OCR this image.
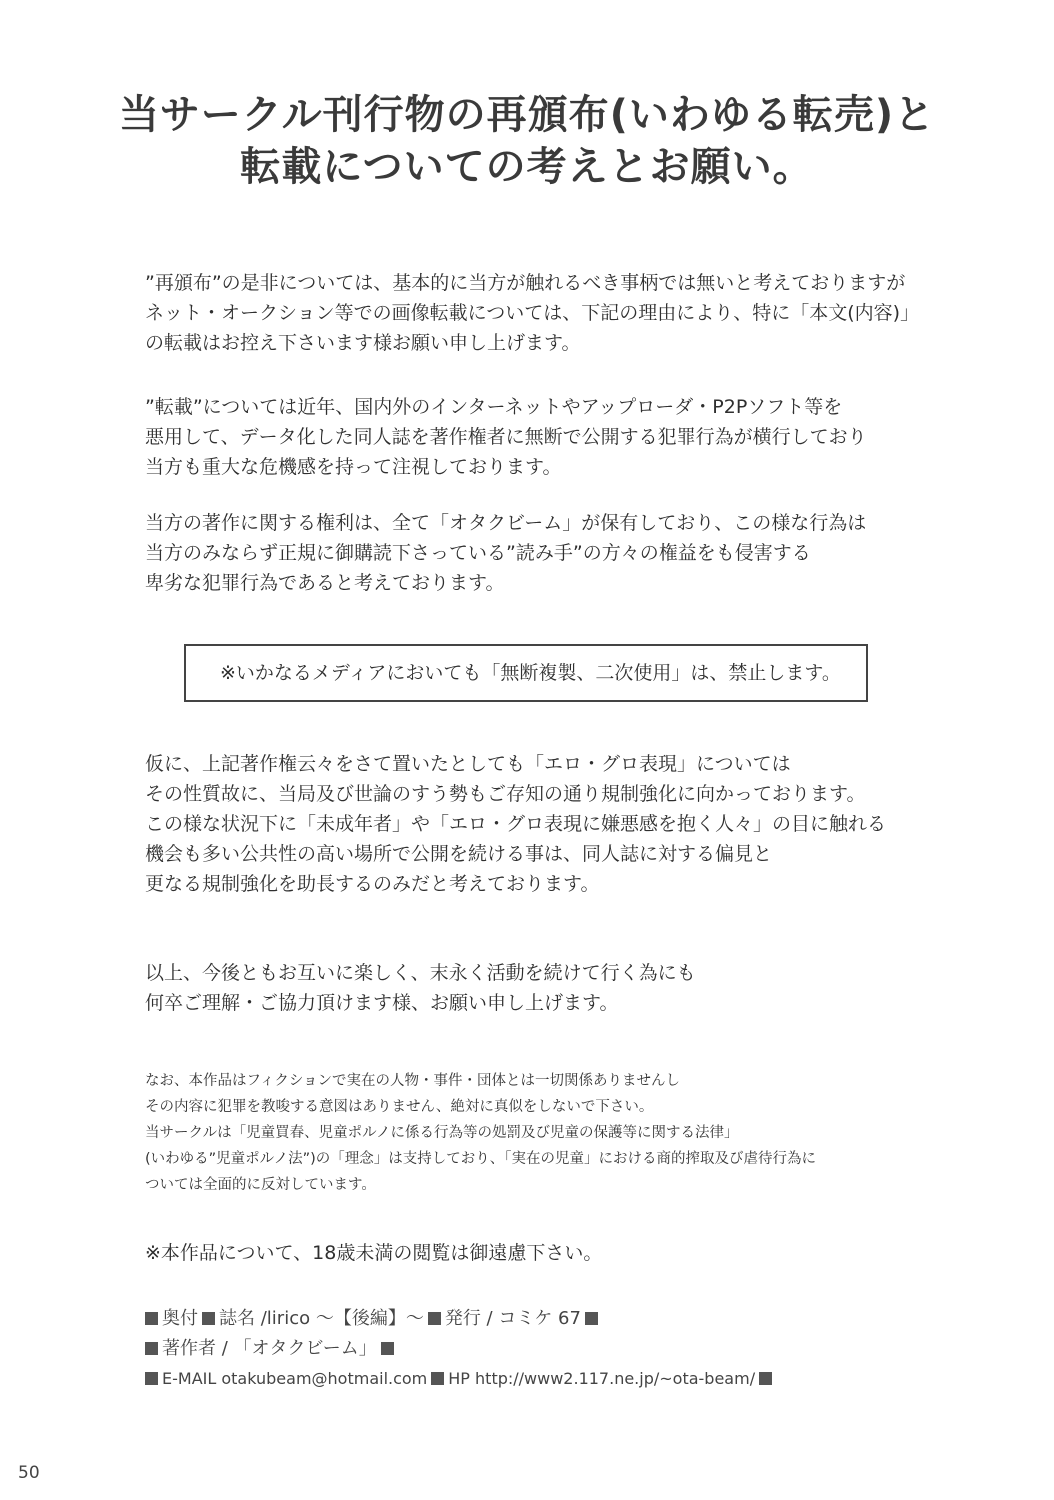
当サークル刊行物の再頒布(いわゆる転売)と
転載についての考えとお願い。
”再頒布”の是非については、基本的に当方が触れるべき事柄では無いと考えておりますが
ネット・オークション等での画像転載については、下記の理由により、特に「本文(内容)」
の転載はお控え下さいます様お願い申し上げます。
”転載”については近年、国内外のインターネットやアップローダ・P2Pソフト等を
悪用して、データ化した同人誌を著作権者に無断で公開する犯罪行為が横行しており
当方も重大な危機感を持って注視しております。
当方の著作に関する権利は、全て「オタクビーム」が保有しており、この様な行為は
当方のみならず正規に御購読下さっている”読み手”の方々の権益をも侵害する
卑劣な犯罪行為であると考えております。
※いかなるメディアにおいても「無断複製、二次使用」は、禁止します。
仮に、上記著作権云々をさて置いたとしても「エロ・グロ表現」については
その性質故に、当局及び世論のすう勢もご存知の通り規制強化に向かっております。
この様な状況下に「未成年者」や「エロ・グロ表現に嫌悪感を抱く人々」の目に触れる
機会も多い公共性の高い場所で公開を続ける事は、同人誌に対する偏見と
更なる規制強化を助長するのみだと考えております。
以上、今後ともお互いに楽しく、末永く活動を続けて行く為にも
何卒ご理解・ご協力頂けます様、お願い申し上げます。
なお、本作品はフィクションで実在の人物・事件・団体とは一切関係ありませんし
その内容に犯罪を教唆する意図はありません、絶対に真似をしないで下さい。
当サークルは「児童買春、児童ポルノに係る行為等の処罰及び児童の保護等に関する法律」
(いわゆる”児童ポルノ法”)の「理念」は支持しており、「実在の児童」における商的搾取及び虐待行為に
ついては全面的に反対しています。
※本作品について、18歳未満の閲覧は御遠慮下さい。
奥付 誌名 /lirico ～【後編】～ 発行 / コミケ 67
著作者 / 「オタクビーム」
E-MAIL otakubeam@hotmail.com HP http://www2.117.ne.jp/~ota-beam/
50
